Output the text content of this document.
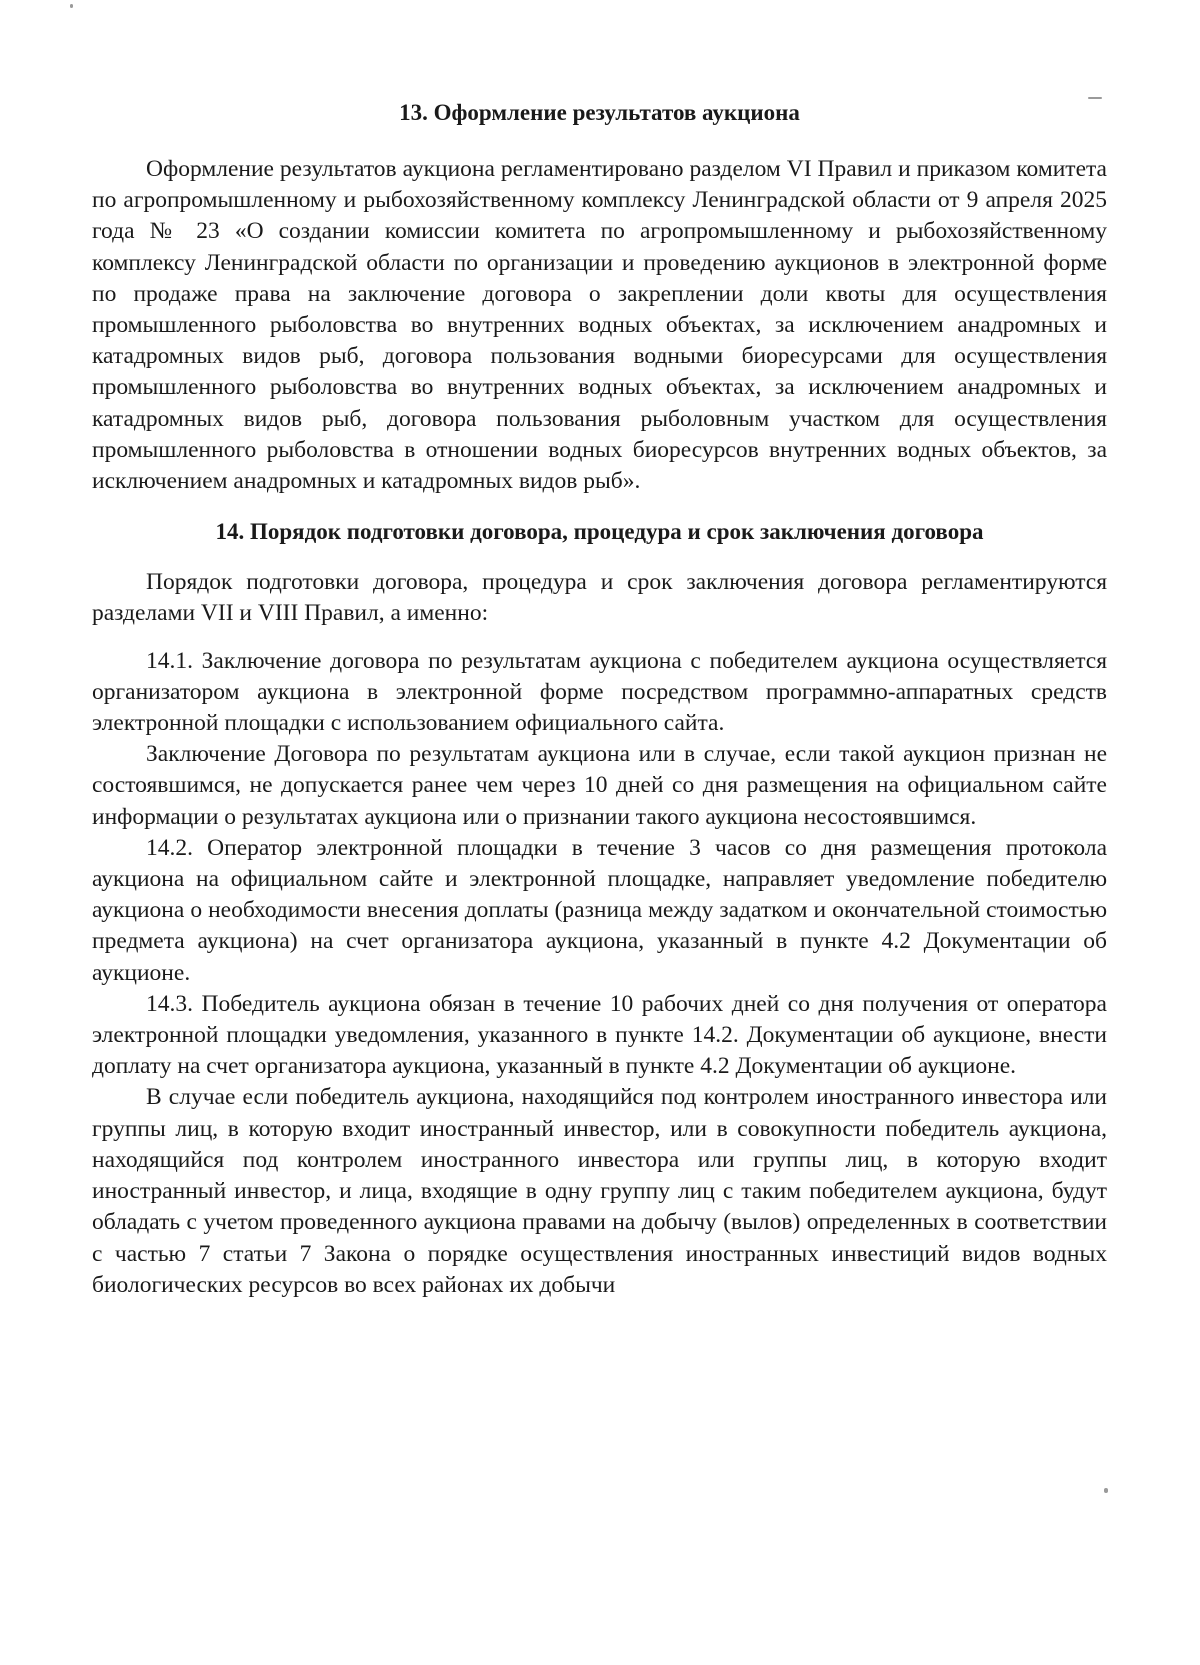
13. Оформление результатов аукциона

Оформление результатов аукциона регламентировано разделом VI Правил и приказом комитета по агропромышленному и рыбохозяйственному комплексу Ленинградской области от 9 апреля 2025 года № 23 «О создании комиссии комитета по агропромышленному и рыбохозяйственному комплексу Ленинградской области по организации и проведению аукционов в электронной форме по продаже права на заключение договора о закреплении доли квоты для осуществления промышленного рыболовства во внутренних водных объектах, за исключением анадромных и катадромных видов рыб, договора пользования водными биоресурсами для осуществления промышленного рыболовства во внутренних водных объектах, за исключением анадромных и катадромных видов рыб, договора пользования рыболовным участком для осуществления промышленного рыболовства в отношении водных биоресурсов внутренних водных объектов, за исключением анадромных и катадромных видов рыб».

14. Порядок подготовки договора, процедура и срок заключения договора

Порядок подготовки договора, процедура и срок заключения договора регламентируются разделами VII и VIII Правил, а именно:

14.1. Заключение договора по результатам аукциона с победителем аукциона осуществляется организатором аукциона в электронной форме посредством программно-аппаратных средств электронной площадки с использованием официального сайта.

Заключение Договора по результатам аукциона или в случае, если такой аукцион признан не состоявшимся, не допускается ранее чем через 10 дней со дня размещения на официальном сайте информации о результатах аукциона или о признании такого аукциона несостоявшимся.

14.2. Оператор электронной площадки в течение 3 часов со дня размещения протокола аукциона на официальном сайте и электронной площадке, направляет уведомление победителю аукциона о необходимости внесения доплаты (разница между задатком и окончательной стоимостью предмета аукциона) на счет организатора аукциона, указанный в пункте 4.2 Документации об аукционе.

14.3. Победитель аукциона обязан в течение 10 рабочих дней со дня получения от оператора электронной площадки уведомления, указанного в пункте 14.2. Документации об аукционе, внести доплату на счет организатора аукциона, указанный в пункте 4.2 Документации об аукционе.

В случае если победитель аукциона, находящийся под контролем иностранного инвестора или группы лиц, в которую входит иностранный инвестор, или в совокупности победитель аукциона, находящийся под контролем иностранного инвестора или группы лиц, в которую входит иностранный инвестор, и лица, входящие в одну группу лиц с таким победителем аукциона, будут обладать с учетом проведенного аукциона правами на добычу (вылов) определенных в соответствии с частью 7 статьи 7 Закона о порядке осуществления иностранных инвестиций видов водных биологических ресурсов во всех районах их добычи
